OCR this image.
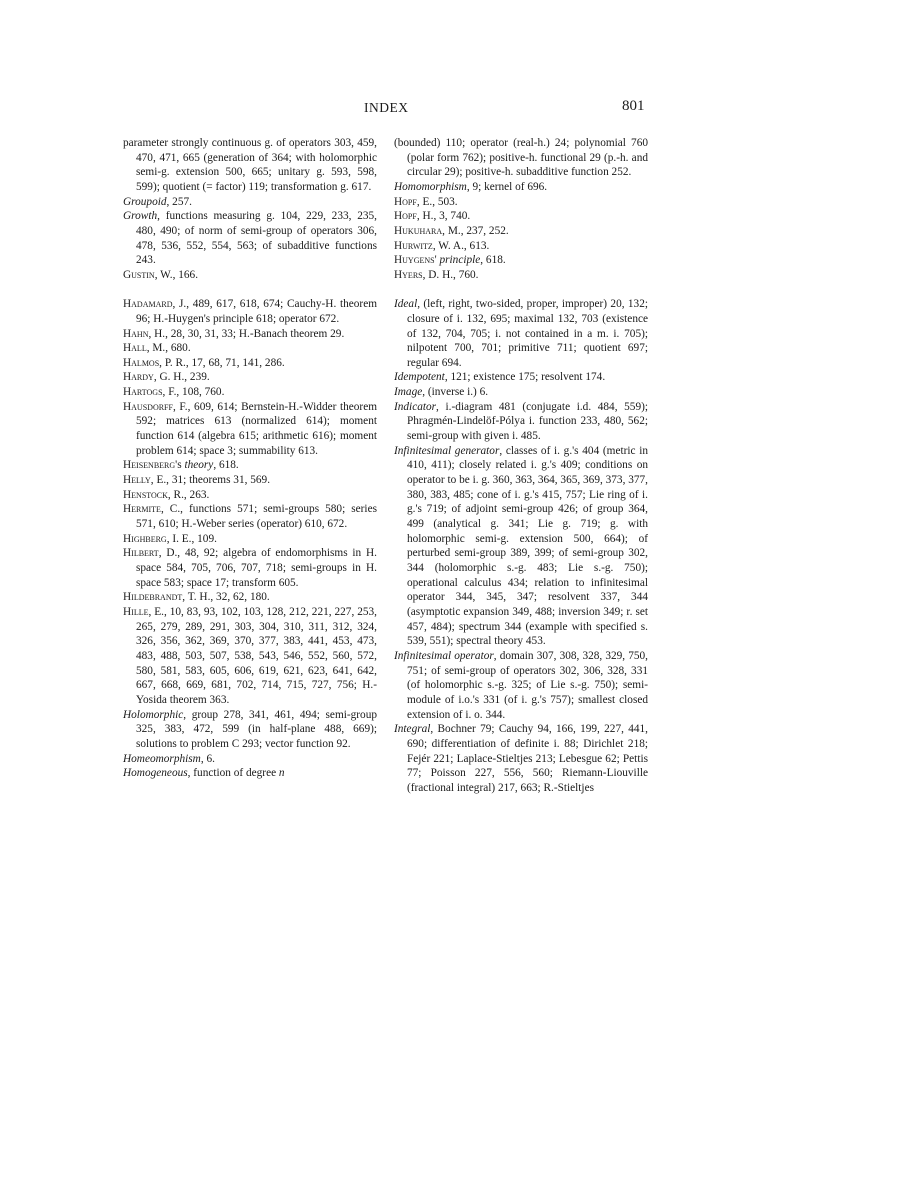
INDEX	801

parameter strongly continuous g. of operators 303, 459, 470, 471, 665 (generation of 364; with holomorphic semi-g. extension 500, 665; unitary g. 593, 598, 599); quotient (= factor) 119; transformation g. 617.

Groupoid, 257.

Growth, functions measuring g. 104, 229, 233, 235, 480, 490; of norm of semi-group of operators 306, 478, 536, 552, 554, 563; of subadditive functions 243.

Gustin, W., 166.

Hadamard, J., 489, 617, 618, 674; Cauchy-H. theorem 96; H.-Huygen's principle 618; operator 672.

Hahn, H., 28, 30, 31, 33; H.-Banach theorem 29.

Hall, M., 680.

Halmos, P. R., 17, 68, 71, 141, 286.

Hardy, G. H., 239.

Hartogs, F., 108, 760.

Hausdorff, F., 609, 614; Bernstein-H.-Widder theorem 592; matrices 613 (normalized 614); moment function 614 (algebra 615; arithmetic 616); moment problem 614; space 3; summability 613.

Heisenberg's theory, 618.

Helly, E., 31; theorems 31, 569.

Henstock, R., 263.

Hermite, C., functions 571; semi-groups 580; series 571, 610; H.-Weber series (operator) 610, 672.

Highberg, I. E., 109.

Hilbert, D., 48, 92; algebra of endomorphisms in H. space 584, 705, 706, 707, 718; semi-groups in H. space 583; space 17; transform 605.

Hildebrandt, T. H., 32, 62, 180.

Hille, E., 10, 83, 93, 102, 103, 128, 212, 221, 227, 253, 265, 279, 289, 291, 303, 304, 310, 311, 312, 324, 326, 356, 362, 369, 370, 377, 383, 441, 453, 473, 483, 488, 503, 507, 538, 543, 546, 552, 560, 572, 580, 581, 583, 605, 606, 619, 621, 623, 641, 642, 667, 668, 669, 681, 702, 714, 715, 727, 756; H.-Yosida theorem 363.

Holomorphic, group 278, 341, 461, 494; semi-group 325, 383, 472, 599 (in half-plane 488, 669); solutions to problem C 293; vector function 92.

Homeomorphism, 6.

Homogeneous, function of degree n

(bounded) 110; operator (real-h.) 24; polynomial 760 (polar form 762); positive-h. functional 29 (p.-h. and circular 29); positive-h. subadditive function 252.

Homomorphism, 9; kernel of 696.

Hopf, E., 503.

Hopf, H., 3, 740.

Hukuhara, M., 237, 252.

Hurwitz, W. A., 613.

Huygens' principle, 618.

Hyers, D. H., 760.

Ideal, (left, right, two-sided, proper, improper) 20, 132; closure of i. 132, 695; maximal 132, 703 (existence of 132, 704, 705; i. not contained in a m. i. 705); nilpotent 700, 701; primitive 711; quotient 697; regular 694.

Idempotent, 121; existence 175; resolvent 174.

Image, (inverse i.) 6.

Indicator, i.-diagram 481 (conjugate i.d. 484, 559); Phragmén-Lindelöf-Pólya i. function 233, 480, 562; semi-group with given i. 485.

Infinitesimal generator, classes of i. g.'s 404 (metric in 410, 411); closely related i. g.'s 409; conditions on operator to be i. g. 360, 363, 364, 365, 369, 373, 377, 380, 383, 485; cone of i. g.'s 415, 757; Lie ring of i. g.'s 719; of adjoint semi-group 426; of group 364, 499 (analytical g. 341; Lie g. 719; g. with holomorphic semi-g. extension 500, 664); of perturbed semi-group 389, 399; of semi-group 302, 344 (holomorphic s.-g. 483; Lie s.-g. 750); operational calculus 434; relation to infinitesimal operator 344, 345, 347; resolvent 337, 344 (asymptotic expansion 349, 488; inversion 349; r. set 457, 484); spectrum 344 (example with specified s. 539, 551); spectral theory 453.

Infinitesimal operator, domain 307, 308, 328, 329, 750, 751; of semi-group of operators 302, 306, 328, 331 (of holomorphic s.-g. 325; of Lie s.-g. 750); semi-module of i.o.'s 331 (of i. g.'s 757); smallest closed extension of i. o. 344.

Integral, Bochner 79; Cauchy 94, 166, 199, 227, 441, 690; differentiation of definite i. 88; Dirichlet 218; Fejér 221; Laplace-Stieltjes 213; Lebesgue 62; Pettis 77; Poisson 227, 556, 560; Riemann-Liouville (fractional integral) 217, 663; R.-Stieltjes
